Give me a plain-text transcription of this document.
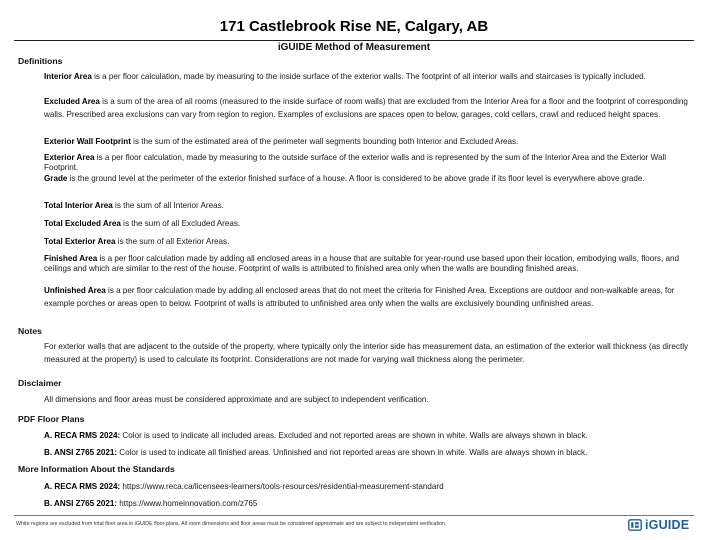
171 Castlebrook Rise NE, Calgary, AB
iGUIDE Method of Measurement
Definitions
Interior Area is a per floor calculation, made by measuring to the inside surface of the exterior walls. The footprint of all interior walls and staircases is typically included.
Excluded Area is a sum of the area of all rooms (measured to the inside surface of room walls) that are excluded from the Interior Area for a floor and the footprint of corresponding walls. Prescribed area exclusions can vary from region to region. Examples of exclusions are spaces open to below, garages, cold cellars, crawl and reduced height spaces.
Exterior Wall Footprint is the sum of the estimated area of the perimeter wall segments bounding both Interior and Excluded Areas.
Exterior Area is a per floor calculation, made by measuring to the outside surface of the exterior walls and is represented by the sum of the Interior Area and the Exterior Wall Footprint.
Grade is the ground level at the perimeter of the exterior finished surface of a house. A floor is considered to be above grade if its floor level is everywhere above grade.
Total Interior Area is the sum of all Interior Areas.
Total Excluded Area is the sum of all Excluded Areas.
Total Exterior Area is the sum of all Exterior Areas.
Finished Area is a per floor calculation made by adding all enclosed areas in a house that are suitable for year-round use based upon their location, embodying walls, floors, and ceilings and which are similar to the rest of the house. Footprint of walls is attributed to finished area only when the walls are bounding finished areas.
Unfinished Area is a per floor calculation made by adding all enclosed areas that do not meet the criteria for Finished Area. Exceptions are outdoor and non-walkable areas, for example porches or areas open to below. Footprint of walls is attributed to unfinished area only when the walls are exclusively bounding unfinished areas.
Notes
For exterior walls that are adjacent to the outside of the property, where typically only the interior side has measurement data, an estimation of the exterior wall thickness (as directly measured at the property) is used to calculate its footprint. Considerations are not made for varying wall thickness along the perimeter.
Disclaimer
All dimensions and floor areas must be considered approximate and are subject to independent verification.
PDF Floor Plans
A. RECA RMS 2024: Color is used to indicate all included areas. Excluded and not reported areas are shown in white. Walls are always shown in black.
B. ANSI Z765 2021: Color is used to indicate all finished areas. Unfinished and not reported areas are shown in white. Walls are always shown in black.
More Information About the Standards
A. RECA RMS 2024: https://www.reca.ca/licensees-learners/tools-resources/residential-measurement-standard
B. ANSI Z765 2021: https://www.homeinnovation.com/z765
White regions are excluded from total floor area in iGUIDE floor plans. All room dimensions and floor areas must be considered approximate and are subject to independent verification.	iGUIDE
